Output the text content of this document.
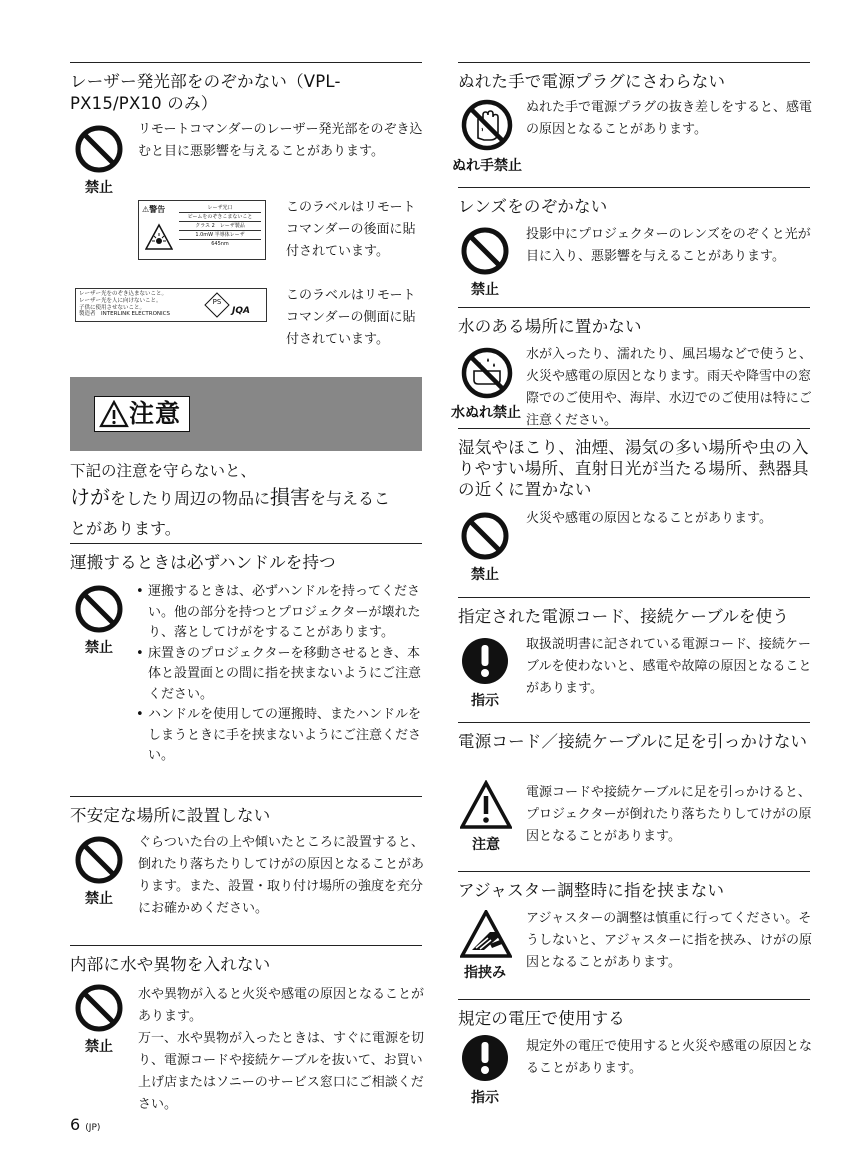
レーザー発光部をのぞかない（VPL-PX15/PX10 のみ）
禁止
リモートコマンダーのレーザー発光部をのぞき込むと目に悪影響を与えることがあります。
⚠警告	レーザ光口
ビームをのぞきこまないこと
クラス 2　レーザ製品
1.0mW 半導体レーザ
645nm
このラベルはリモートコマンダーの後面に貼付されています。
レーザー光をのぞき込まないこと。
レーザー光を人に向けないこと。
子供に使用させないこと。
製造者　INTERLINK ELECTRONICS
PS
JQA
このラベルはリモートコマンダーの側面に貼付されています。
注意
下記の注意を守らないと、
けがをしたり周辺の物品に損害を与えるこ
とがあります。
運搬するときは必ずハンドルを持つ
禁止
• 運搬するときは、必ずハンドルを持ってください。他の部分を持つとプロジェクターが壊れたり、落としてけがをすることがあります。
• 床置きのプロジェクターを移動させるとき、本体と設置面との間に指を挟まないようにご注意ください。
• ハンドルを使用しての運搬時、またハンドルをしまうときに手を挟まないようにご注意ください。
不安定な場所に設置しない
禁止
ぐらついた台の上や傾いたところに設置すると、倒れたり落ちたりしてけがの原因となることがあります。また、設置・取り付け場所の強度を充分にお確かめください。
内部に水や異物を入れない
禁止
水や異物が入ると火災や感電の原因となることがあります。
万一、水や異物が入ったときは、すぐに電源を切り、電源コードや接続ケーブルを抜いて、お買い上げ店またはソニーのサービス窓口にご相談ください。
6 (JP)
ぬれた手で電源プラグにさわらない
ぬれ手禁止
ぬれた手で電源プラグの抜き差しをすると、感電の原因となることがあります。
レンズをのぞかない
禁止
投影中にプロジェクターのレンズをのぞくと光が目に入り、悪影響を与えることがあります。
水のある場所に置かない
水ぬれ禁止
水が入ったり、濡れたり、風呂場などで使うと、火災や感電の原因となります。雨天や降雪中の窓際でのご使用や、海岸、水辺でのご使用は特にご注意ください。
湿気やほこり、油煙、湯気の多い場所や虫の入りやすい場所、直射日光が当たる場所、熱器具の近くに置かない
禁止
火災や感電の原因となることがあります。
指定された電源コード、接続ケーブルを使う
指示
取扱説明書に記されている電源コード、接続ケーブルを使わないと、感電や故障の原因となることがあります。
電源コード／接続ケーブルに足を引っかけない
注意
電源コードや接続ケーブルに足を引っかけると、プロジェクターが倒れたり落ちたりしてけがの原因となることがあります。
アジャスター調整時に指を挟まない
指挟み
アジャスターの調整は慎重に行ってください。そうしないと、アジャスターに指を挟み、けがの原因となることがあります。
規定の電圧で使用する
指示
規定外の電圧で使用すると火災や感電の原因となることがあります。
